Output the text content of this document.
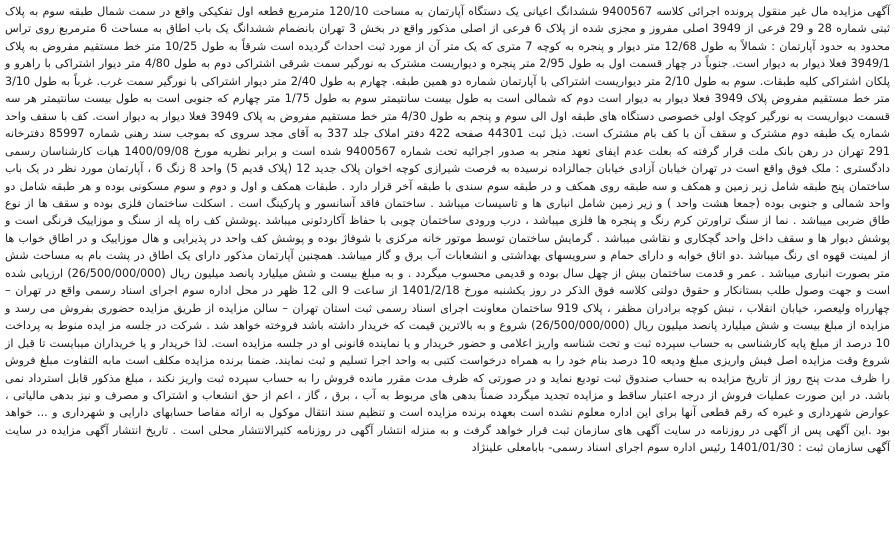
آگهی مزایده مال غیر منقول پرونده اجرائی کلاسه 9400567 ششدانگ اعیانی یک دستگاه آپارتمان به مساحت 120/10 مترمربع قطعه اول تفکیکی واقع در سمت شمال طبقه سوم به پلاک ثبتی شماره 28 و 29 فرعی از 3949 اصلی مفروز و مجزی شده از پلاک 6 فرعی از اصلی مذکور واقع در بخش 3 تهران بانضمام ششدانگ یک باب اطاق به مساحت 6 مترمربع روی تراس محدود به حدود آپارتمان : شمالاً به طول 12/68 متر دیوار و پنجره به کوچه 7 متری که یک متر آن از مورد ثبت احداث گردیده است شرقاً به طول 10/25 متر خط مستقیم مفروض به پلاک 3949/1 فعلا دیوار به دیوار است. جنوباً در چهار قسمت اول به طول 2/95 متر پنجره و دیواریست مشترک به نورگیر سمت شرقی اشتراکی دوم به طول 4/80 متر دیوار اشتراکی با راهرو و پلکان اشتراکی کلیه طبقات. سوم به طول 2/10 متر دیواریست اشتراکی با آپارتمان شماره دو همین طبقه. چهارم به طول 2/40 متر دیوار اشتراکی با نورگیر سمت غرب. غرباً به طول 3/10 متر خط مستقیم مفروض پلاک 3949 فعلا دیوار به دیوار است دوم که شمالی است به طول بیست سانتیمتر سوم به طول 1/75 متر چهارم که جنوبی است به طول بیست سانتیمتر هر سه قسمت دیواریست به نورگیر کوچک اولی خصوصی دستگاه های طبقه اول الی سوم و پنجم به طول 4/30 متر خط مستقیم مفروض به پلاک 3949 فعلا دیوار به دیوار است. کف با سقف واحد شماره یک طبقه دوم مشترک و سقف آن با کف بام مشترک است. ذیل ثبت 44301 صفحه 422 دفتر املاک جلد 337 به آقای مجد سروی که بموجب سند رهنی شماره 85997 دفترخانه 291 تهران در رهن بانک ملت قرار گرفته که بعلت عدم ایفای تعهد منجر به صدور اجرائیه تحت شماره 9400567 شده است و برابر نظریه مورخ 1400/09/08 هیات کارشناسان رسمی دادگستری : ملک فوق واقع است در تهران خیابان آزادی خیابان جمالزاده نرسیده به فرصت شیرازی کوچه اخوان پلاک جدید 12 (پلاک قدیم 5) واحد 8 زنگ 6 ، آپارتمان مورد نظر در یک باب ساختمان پنج طبقه شامل زیر زمین و همکف و سه طبقه روی همکف و در طبقه سوم سندی با طبقه آخر قرار دارد . طبقات همکف و اول و دوم و سوم مسکونی بوده و هر طبقه شامل دو واحد شمالی و جنوبی بوده (جمعا هشت واحد ) و زیر زمین شامل انباری ها و تاسیسات میباشد . ساختمان فاقد آسانسور و پارکینگ است . اسکلت ساختمان فلزی بوده و سقف ها از نوع طاق ضربی میباشد . نما از سنگ تراورتن کرم رنگ و پنجره ها فلزی میباشد ، درب ورودی ساختمان چوبی با حفاظ آکاردئونی میباشد .پوشش کف راه پله از سنگ و موزاییک فرنگی است و پوشش دیوار ها و سقف داخل واحد گچکاری و نقاشی میباشد . گرمایش ساختمان توسط موتور خانه مرکزی با شوفاژ بوده و پوشش کف واحد در پذیرایی و هال موزاییک و در اطاق خواب ها از لمینت قهوه ای رنگ میباشد .دو اتاق خوابه و دارای حمام و سرویسهای بهداشتی و انشعابات آب برق و گاز میباشد. همچنین آپارتمان مذکور دارای یک اطاق در پشت بام به مساحت شش متر بصورت انباری میباشد . عمر و قدمت ساختمان بیش از چهل سال بوده و قدیمی محسوب میگردد . و به مبلغ بیست و شش میلیارد پانصد میلیون ریال (26/500/000/000) ارزیابی شده است و جهت وصول طلب بستانکار و حقوق دولتی کلاسه فوق الذکر در روز یکشنبه مورخ 1401/2/18 از ساعت 9 الی 12 ظهر در محل اداره سوم اجرای اسناد رسمی واقع در تهران – چهارراه ولیعصر، خیابان انقلاب ، نبش کوچه برادران مظفر ، پلاک 919 ساختمان معاونت اجرای اسناد رسمی ثبت استان تهران – سالن مزایده از طریق مزایده حضوری بفروش می رسد و مزایده از مبلغ بیست و شش میلیارد پانصد میلیون ریال (26/500/000/000) شروع و به بالاترین قیمت که خریدار داشته باشد فروخته خواهد شد . شرکت در جلسه مز ایده منوط به پرداخت 10 درصد از مبلغ پایه کارشناسی به حساب سپرده ثبت و تحت شناسه واریز اعلامی و حضور خریدار و یا نماینده قانونی او در جلسه مزایده است. لذا خریدار و یا خریداران میبایست تا قبل از شروع وقت مزایده اصل فیش واریزی مبلغ ودیعه 10 درصد بنام خود را به همراه درخواست کتبی به واحد اجرا تسلیم و ثبت نمایند. ضمنا برنده مزایده مکلف است مابه التفاوت مبلغ فروش را ظرف مدت پنج روز از تاریخ مزایده به حساب صندوق ثبت تودیع نماید و در صورتی که ظرف مدت مقرر مانده فروش را به حساب سپرده ثبت واریز نکند ، مبلغ مذکور قابل استرداد نمی باشد. در این صورت عملیات فروش از درجه اعتبار ساقط و مزایده تجدید میگردد ضمناً بدهی های مربوط به آب ، برق ، گاز ، اعم از حق انشعاب و اشتراک و مصرف و نیز بدهی مالیاتی ، عوارض شهرداری و غیره که رقم قطعی آنها برای این اداره معلوم نشده است بعهده برنده مزایده است و تنظیم سند انتقال موکول به ارائه مفاصا حسابهای دارایی و شهرداری و ... خواهد بود .این آگهی پس از آگهی در روزنامه در سایت آگهی های سازمان ثبت قرار خواهد گرفت و به منزله انتشار آگهی در روزنامه کثیرالانتشار محلی است . تاریخ انتشار آگهی مزایده در سایت آگهی سازمان ثبت : 1401/01/30 رئیس اداره سوم اجرای اسناد رسمی- بابامعلی علینژاد
